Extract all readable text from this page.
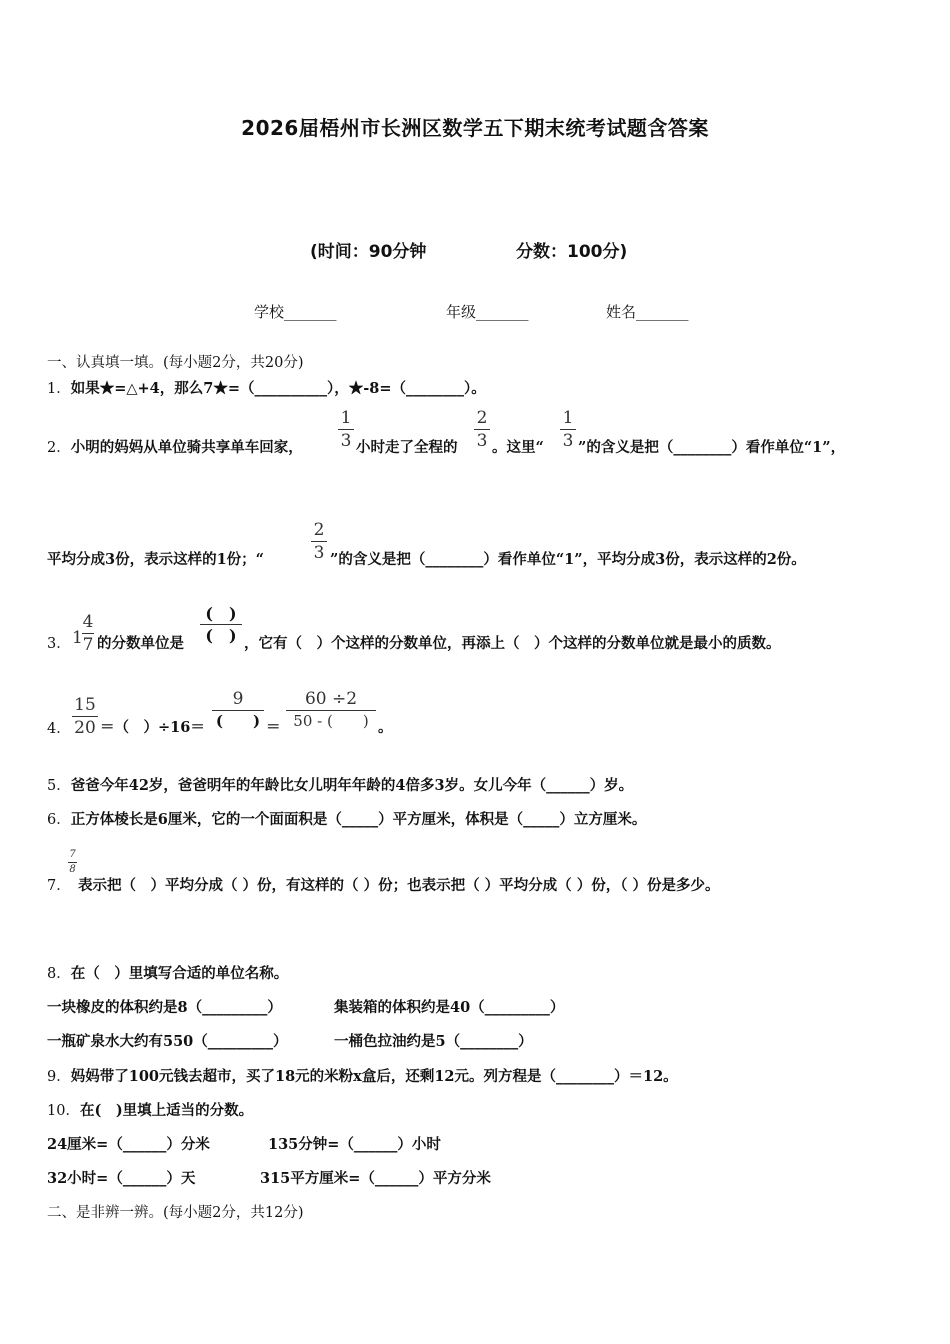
2026届梧州市长洲区数学五下期末统考试题含答案
(时间：90分钟	分数：100分)
学校_______	年级_______	姓名_______
一、认真填一填。(每小题2分，共20分)
1．如果★=△+4，那么7★=（__________），★-8=（________）。
2．小明的妈妈从单位骑共享单车回家，
1
3 小时走了全程的
2
3 。这里“
1
3 ”的含义是把（________）看作单位“1”，
平均分成3份，表示这样的1份；“
2
3 ”的含义是把（________）看作单位“1”，平均分成3份，表示这样的2份。
3． 1
4
7 的分数单位是
(　)
(　) ，它有（　）个这样的分数单位，再添上（　）个这样的分数单位就是最小的质数。
4．
15
20 ＝（　）÷16＝
9
(　　) ＝
60 ÷2
50 - (　　) 。
5．爸爸今年42岁，爸爸明年的年龄比女儿明年年龄的4倍多3岁。女儿今年（______）岁。
6．正方体棱长是6厘米，它的一个面面积是（_____）平方厘米，体积是（_____）立方厘米。
7．
7
8
表示把（　）平均分成（ ）份，有这样的（ ）份；也表示把（ ）平均分成（ ）份，（ ）份是多少。
8．在（　）里填写合适的单位名称。
一块橡皮的体积约是8（_________）	集装箱的体积约是40（_________）
一瓶矿泉水大约有550（_________）	一桶色拉油约是5（________）
9．妈妈带了100元钱去超市，买了18元的米粉x盒后，还剩12元。列方程是（________）＝12。
10．在(　)里填上适当的分数。
24厘米=（______）分米	135分钟=（______）小时
32小时=（______）天	315平方厘米=（______）平方分米
二、是非辨一辨。(每小题2分，共12分)
